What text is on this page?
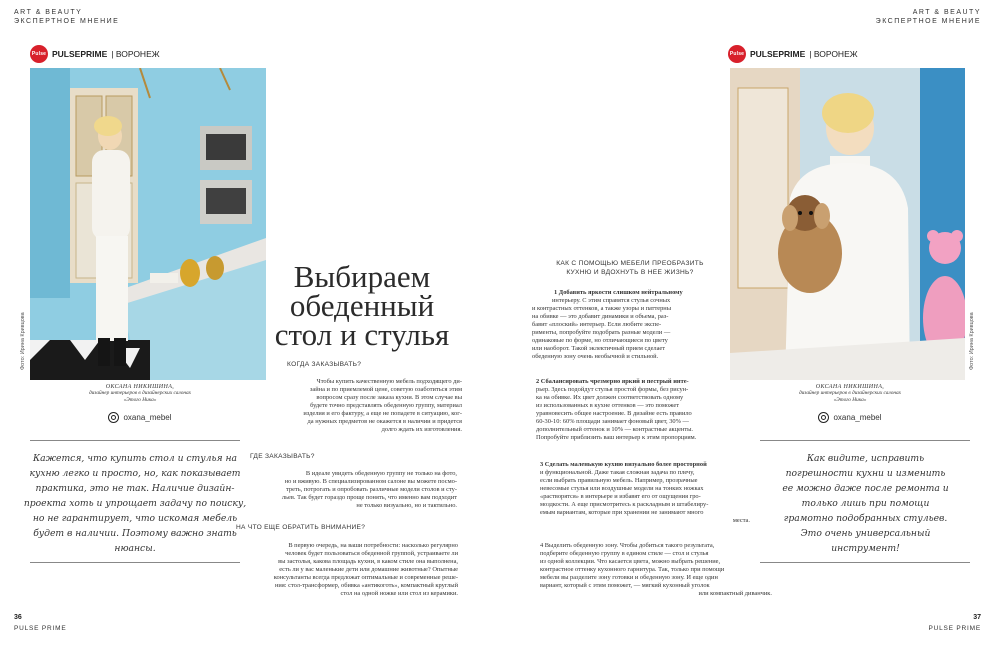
ART & BEAUTY
ЭКСПЕРТНОЕ МНЕНИЕ
Pulse PULSEPRIME | ВОРОНЕЖ
Фото: Ирина Кривцова
ОКСАНА НИКИШИНА,
дизайнер интерьеров в дизайнерских салонах
«Этого Ника»
oxana_mebel
Кажется, что купить стол и стулья на
кухню легко и просто, но, как показывает
практика, это не так. Наличие дизайн-
проекта хоть и упрощает задачу по поиску,
но не гарантирует, что искомая мебель
будет в наличии. Поэтому важно знать
нюансы.
36
PULSE PRIME
Выбираем
обеденный
стол и стулья
КОГДА ЗАКАЗЫВАТЬ?
Чтобы купить качественную мебель подходящего ди-
зайна и по приемлемой цене, советую озаботиться этим
вопросом сразу после заказа кухни. В этом случае вы
будете точно представлять обеденную группу, материал
изделия и его фактуру, а еще не попадете в ситуацию, ког-
да нужных предметов не окажется в наличии и придется
долго ждать их изготовления.
ГДЕ ЗАКАЗЫВАТЬ?
В идеале увидеть обеденную группу не только на фото,
но и вживую. В специализированном салоне вы можете посмо-
треть, потрогать и опробовать различные модели столов и сту-
льев. Так будет гораздо проще понять, что именно вам подходит
не только визуально, но и тактильно.
НА ЧТО ЕЩЕ ОБРАТИТЬ ВНИМАНИЕ?
В первую очередь, на ваши потребности: насколько регулярно
человек будет пользоваться обеденной группой, устраиваете ли
вы застолья, какова площадь кухни, в каком стиле она выполнена,
есть ли у вас маленькие дети или домашние животные? Опытные
консультанты всегда предложат оптимальные и современные реше-
ния: стол-трансформер, обивка «антикоготь», компактный круглый
стол на одной ножке или стол из керамики.
КАК С ПОМОЩЬЮ МЕБЕЛИ ПРЕОБРАЗИТЬ
КУХНЮ И ВДОХНУТЬ В НЕЕ ЖИЗНЬ?
1 Добавить яркости слишком нейтральному
интерьеру. С этим справятся стулья сочных
и контрастных оттенков, а также узоры и паттерны
на обивке — это добавит динамики и объема, раз-
бавит «плоский» интерьер. Если любите экспе-
рименты, попробуйте подобрать разные модели —
одинаковые по форме, но отличающиеся по цвету
или наоборот. Такой эклектичный прием сделает
обеденную зону очень необычной и стильной.
2 Сбалансировать чрезмерно яркий и пестрый инте-
рьер. Здесь подойдут стулья простой формы, без рисун-
ка на обивке. Их цвет должен соответствовать одному
из использованных в кухне оттенков — это поможет
уравновесить общее настроение. В дизайне есть правило
60-30-10: 60% площади занимает фоновый цвет, 30% —
дополнительный оттенок и 10% — контрастные акценты.
Попробуйте приблизить ваш интерьер к этим пропорциям.
3 Сделать маленькую кухню визуально более просторной
и функциональной. Даже такая сложная задача по плечу,
если выбрать правильную мебель. Например, прозрачные
невесомые стулья или воздушные модели на тонких ножках
«растворятся» в интерьере и избавят его от ощущения гро-
моздкости. А еще присмотритесь к раскладным и штабелиру-
емым вариантам, которые при хранении не занимают много
места.
4 Выделить обеденную зону. Чтобы добиться такого результата,
подберите обеденную группу в едином стиле — стол и стулья
из одной коллекции. Что касается цвета, можно выбрать решение,
контрастное оттенку кухонного гарнитура. Так, только при помощи
мебели вы разделите зону готовки и обеденную зону. И еще один
вариант, который с этим поможет, — мягкий кухонный уголок
или компактный диванчик.
ART & BEAUTY
ЭКСПЕРТНОЕ МНЕНИЕ
Pulse PULSEPRIME | ВОРОНЕЖ
Фото: Ирина Кривцова
ОКСАНА НИКИШИНА,
дизайнер интерьеров в дизайнерских салонах
«Этого Ника»
oxana_mebel
Как видите, исправить
погрешности кухни и изменить
ее можно даже после ремонта и
только лишь при помощи
грамотно подобранных стульев.
Это очень универсальный
инструмент!
37
PULSE PRIME
